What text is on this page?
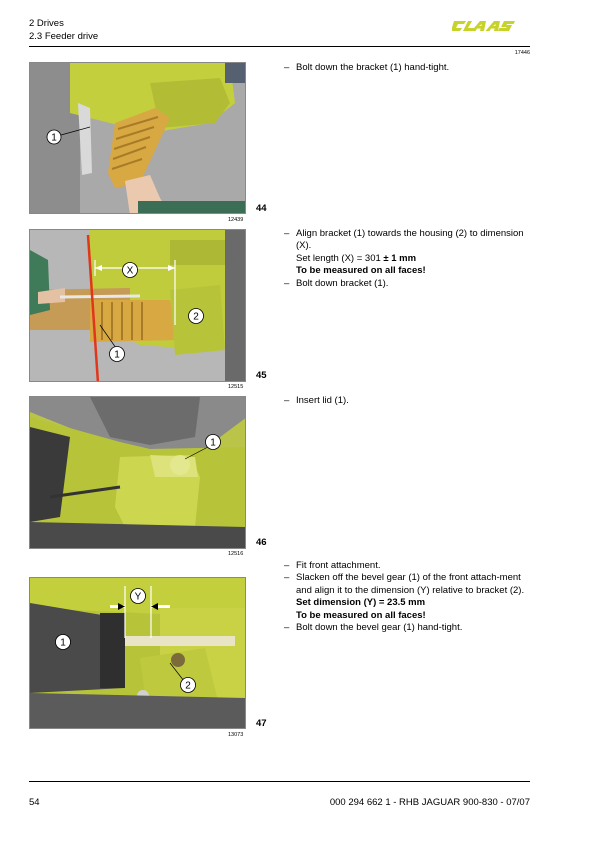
2 Drives
2.3 Feeder drive
17446
1
12439
44
– Bolt down the bracket (1) hand-tight.
X
2
1
12515
45
– Align bracket (1) towards the housing (2) to dimension (X).
Set length (X) = 301 ± 1 mm
To be measured on all faces!
– Bolt down bracket (1).
1
12516
46
– Insert lid (1).
Y
1
2
13073
47
– Fit front attachment.
– Slacken off the bevel gear (1) of the front attach-ment and align it to the dimension (Y) relative to bracket (2).
Set dimension (Y) = 23.5 mm
To be measured on all faces!
– Bolt down the bevel gear (1) hand-tight.
54	000 294 662 1 - RHB JAGUAR 900-830 - 07/07
